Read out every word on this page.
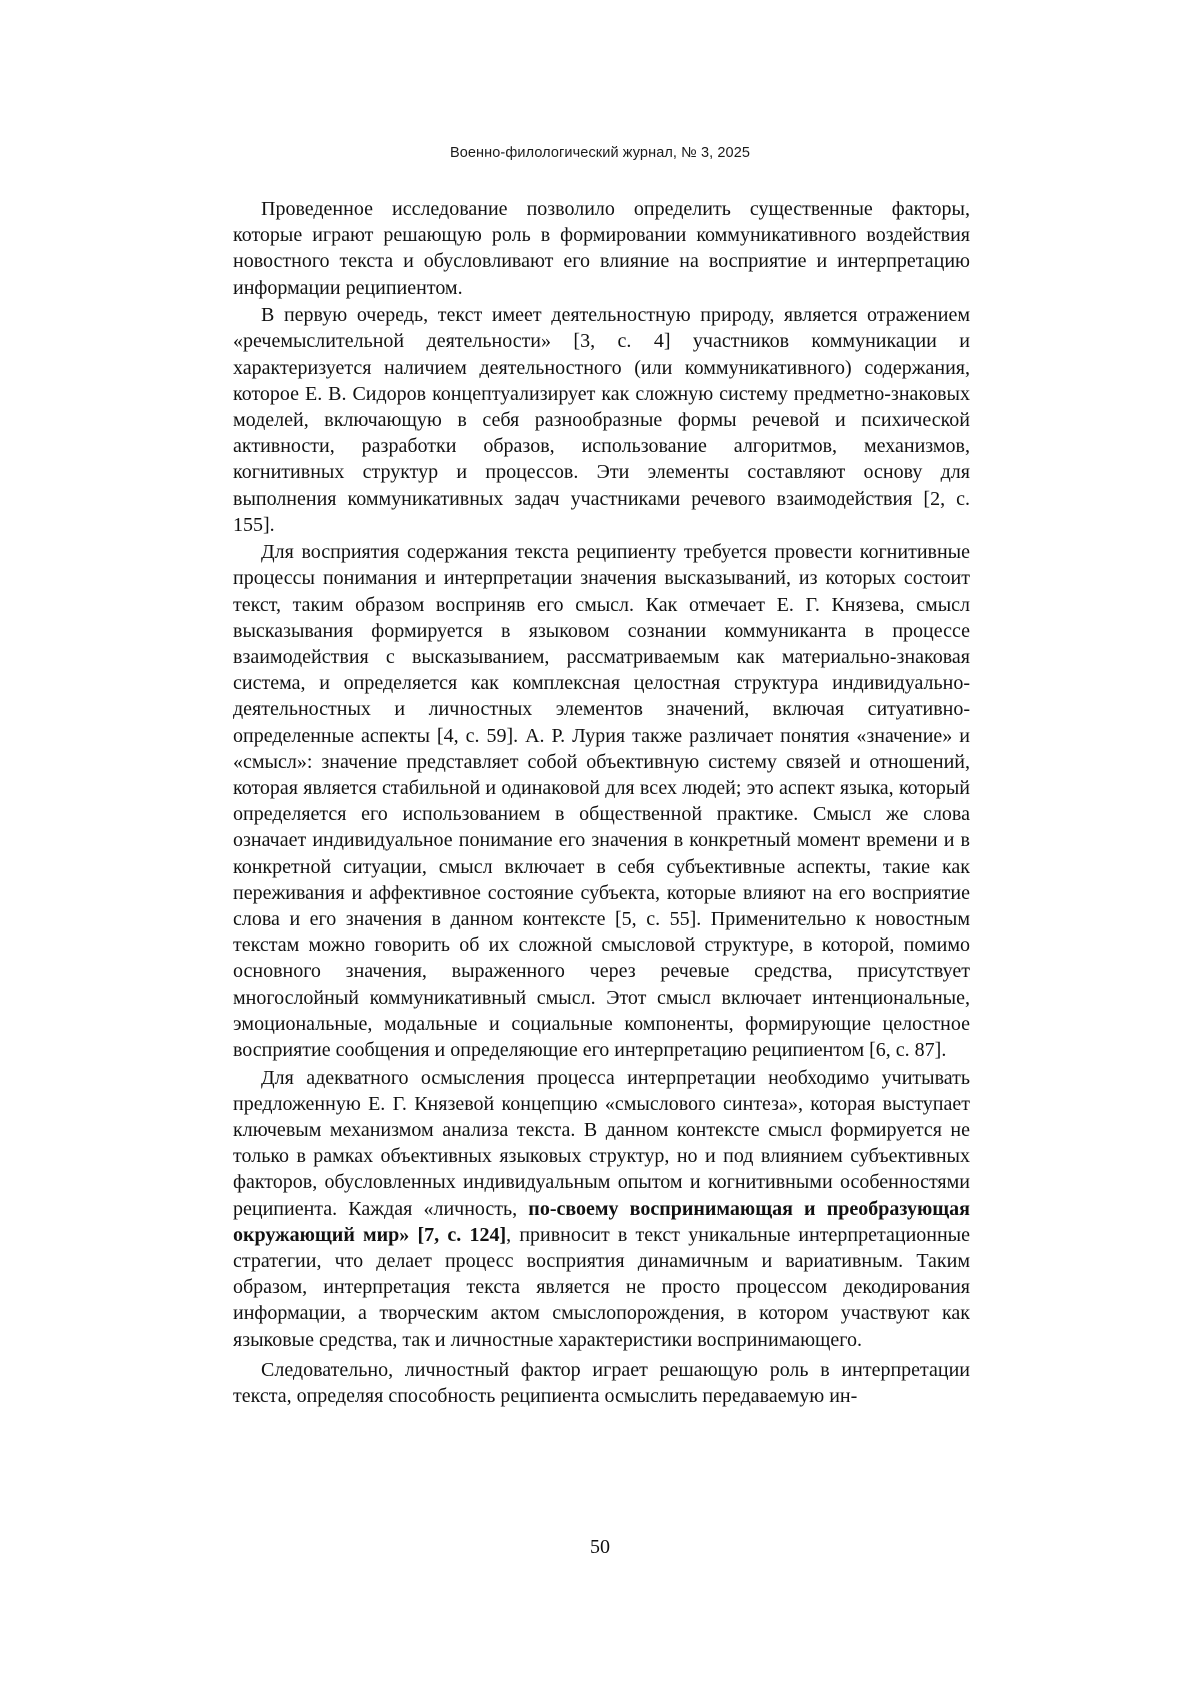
Военно-филологический журнал, № 3, 2025

Проведенное исследование позволило определить существенные факторы, которые играют решающую роль в формировании коммуникативного воздействия новостного текста и обусловливают его влияние на восприятие и интерпретацию информации реципиентом.

В первую очередь, текст имеет деятельностную природу, является отражением «речемыслительной деятельности» [3, с. 4] участников коммуникации и характеризуется наличием деятельностного (или коммуникативного) содержания, которое Е. В. Сидоров концептуализирует как сложную систему предметно-знаковых моделей, включающую в себя разнообразные формы речевой и психической активности, разработки образов, использование алгоритмов, механизмов, когнитивных структур и процессов. Эти элементы составляют основу для выполнения коммуникативных задач участниками речевого взаимодействия [2, с. 155].

Для восприятия содержания текста реципиенту требуется провести когнитивные процессы понимания и интерпретации значения высказываний, из которых состоит текст, таким образом восприняв его смысл. Как отмечает Е. Г. Князева, смысл высказывания формируется в языковом сознании коммуниканта в процессе взаимодействия с высказыванием, рассматриваемым как материально-знаковая система, и определяется как комплексная целостная структура индивидуально-деятельностных и личностных элементов значений, включая ситуативно-определенные аспекты [4, с. 59]. А. Р. Лурия также различает понятия «значение» и «смысл»: значение представляет собой объективную систему связей и отношений, которая является стабильной и одинаковой для всех людей; это аспект языка, который определяется его использованием в общественной практике. Смысл же слова означает индивидуальное понимание его значения в конкретный момент времени и в конкретной ситуации, смысл включает в себя субъективные аспекты, такие как переживания и аффективное состояние субъекта, которые влияют на его восприятие слова и его значения в данном контексте [5, с. 55]. Применительно к новостным текстам можно говорить об их сложной смысловой структуре, в которой, помимо основного значения, выраженного через речевые средства, присутствует многослойный коммуникативный смысл. Этот смысл включает интенциональные, эмоциональные, модальные и социальные компоненты, формирующие целостное восприятие сообщения и определяющие его интерпретацию реципиентом [6, с. 87].

Для адекватного осмысления процесса интерпретации необходимо учитывать предложенную Е. Г. Князевой концепцию «смыслового синтеза», которая выступает ключевым механизмом анализа текста. В данном контексте смысл формируется не только в рамках объективных языковых структур, но и под влиянием субъективных факторов, обусловленных индивидуальным опытом и когнитивными особенностями реципиента. Каждая «личность, по-своему воспринимающая и преобразующая окружающий мир» [7, с. 124], привносит в текст уникальные интерпретационные стратегии, что делает процесс восприятия динамичным и вариативным. Таким образом, интерпретация текста является не просто процессом декодирования информации, а творческим актом смыслопорождения, в котором участвуют как языковые средства, так и личностные характеристики воспринимающего.

Следовательно, личностный фактор играет решающую роль в интерпретации текста, определяя способность реципиента осмыслить передаваемую ин-

50
